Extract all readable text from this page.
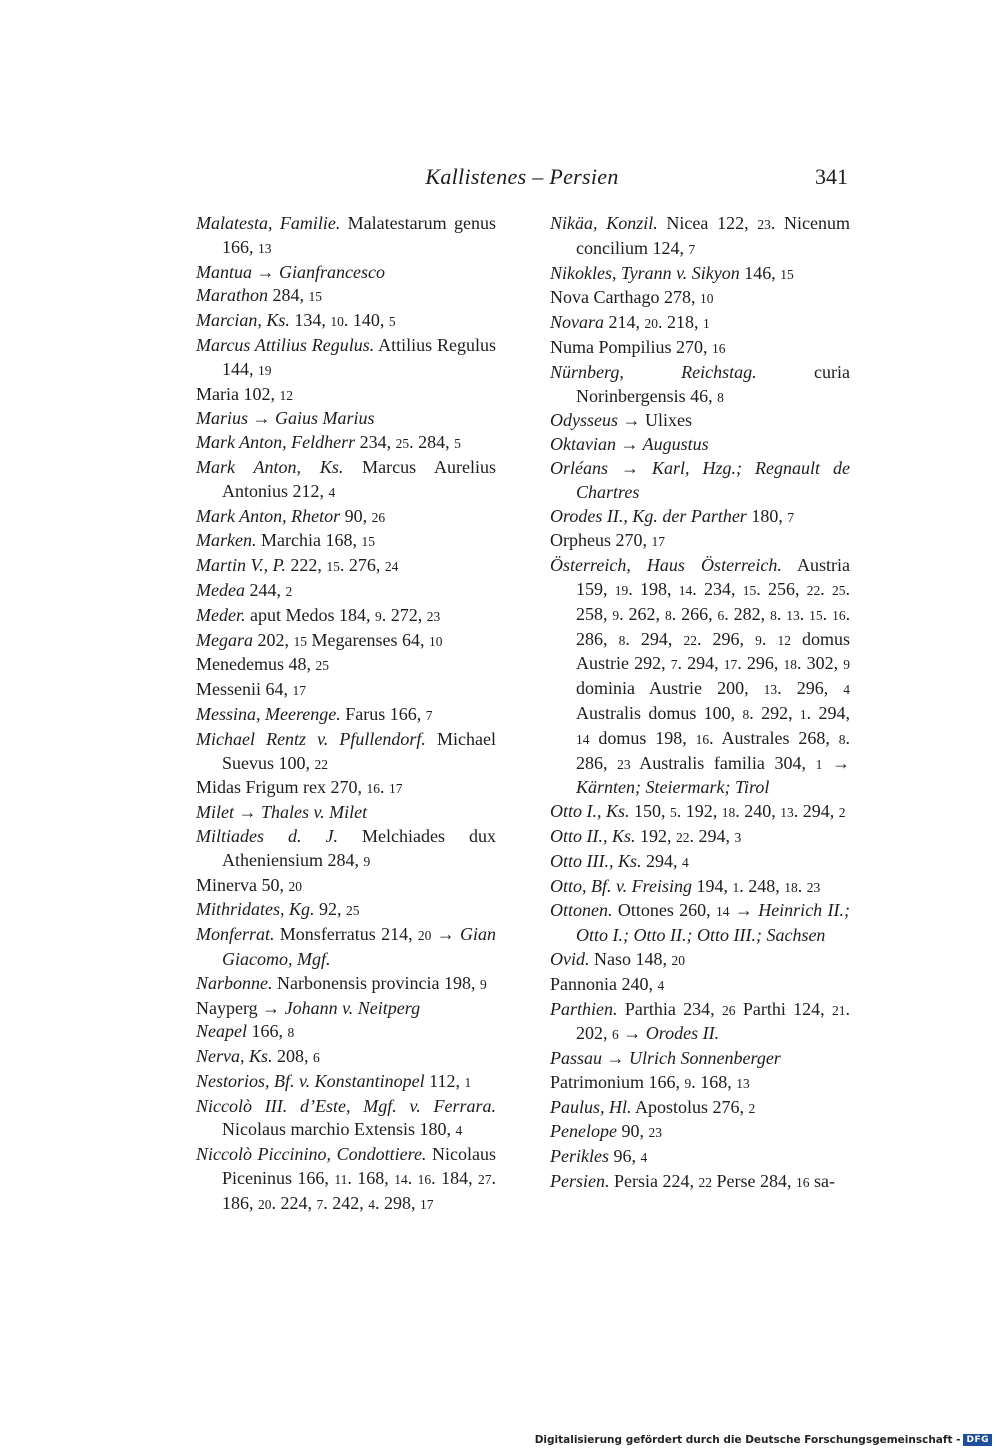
Kallistenes – Persien	341
Malatesta, Familie. Malatestarum genus 166, 13
Mantua → Gianfrancesco
Marathon 284, 15
Marcian, Ks. 134, 10. 140, 5
Marcus Attilius Regulus. Attilius Regulus 144, 19
Maria 102, 12
Marius → Gaius Marius
Mark Anton, Feldherr 234, 25. 284, 5
Mark Anton, Ks. Marcus Aurelius Antonius 212, 4
Mark Anton, Rhetor 90, 26
Marken. Marchia 168, 15
Martin V., P. 222, 15. 276, 24
Medea 244, 2
Meder. aput Medos 184, 9. 272, 23
Megara 202, 15 Megarenses 64, 10
Menedemus 48, 25
Messenii 64, 17
Messina, Meerenge. Farus 166, 7
Michael Rentz v. Pfullendorf. Michael Suevus 100, 22
Midas Frigum rex 270, 16. 17
Milet → Thales v. Milet
Miltiades d. J. Melchiades dux Atheniensium 284, 9
Minerva 50, 20
Mithridates, Kg. 92, 25
Monferrat. Monsferratus 214, 20 → Gian Giacomo, Mgf.
Narbonne. Narbonensis provincia 198, 9
Nayperg → Johann v. Neitperg
Neapel 166, 8
Nerva, Ks. 208, 6
Nestorios, Bf. v. Konstantinopel 112, 1
Niccolò III. d’Este, Mgf. v. Ferrara. Nicolaus marchio Extensis 180, 4
Niccolò Piccinino, Condottiere. Nicolaus Piceninus 166, 11. 168, 14. 16. 184, 27. 186, 20. 224, 7. 242, 4. 298, 17
Nikäa, Konzil. Nicea 122, 23. Nicenum concilium 124, 7
Nikokles, Tyrann v. Sikyon 146, 15
Nova Carthago 278, 10
Novara 214, 20. 218, 1
Numa Pompilius 270, 16
Nürnberg, Reichstag. curia Norinbergensis 46, 8
Odysseus → Ulixes
Oktavian → Augustus
Orléans → Karl, Hzg.; Regnault de Chartres
Orodes II., Kg. der Parther 180, 7
Orpheus 270, 17
Österreich, Haus Österreich. Austria 159, 19. 198, 14. 234, 15. 256, 22. 25. 258, 9. 262, 8. 266, 6. 282, 8. 13. 15. 16. 286, 8. 294, 22. 296, 9. 12 domus Austrie 292, 7. 294, 17. 296, 18. 302, 9 dominia Austrie 200, 13. 296, 4 Australis domus 100, 8. 292, 1. 294, 14 domus 198, 16. Australes 268, 8. 286, 23 Australis familia 304, 1 → Kärnten; Steiermark; Tirol
Otto I., Ks. 150, 5. 192, 18. 240, 13. 294, 2
Otto II., Ks. 192, 22. 294, 3
Otto III., Ks. 294, 4
Otto, Bf. v. Freising 194, 1. 248, 18. 23
Ottonen. Ottones 260, 14 → Heinrich II.; Otto I.; Otto II.; Otto III.; Sachsen
Ovid. Naso 148, 20
Pannonia 240, 4
Parthien. Parthia 234, 26 Parthi 124, 21. 202, 6 → Orodes II.
Passau → Ulrich Sonnenberger
Patrimonium 166, 9. 168, 13
Paulus, Hl. Apostolus 276, 2
Penelope 90, 23
Perikles 96, 4
Persien. Persia 224, 22 Perse 284, 16 sa-
Digitalisierung gefördert durch die Deutsche Forschungsgemeinschaft - DFG
